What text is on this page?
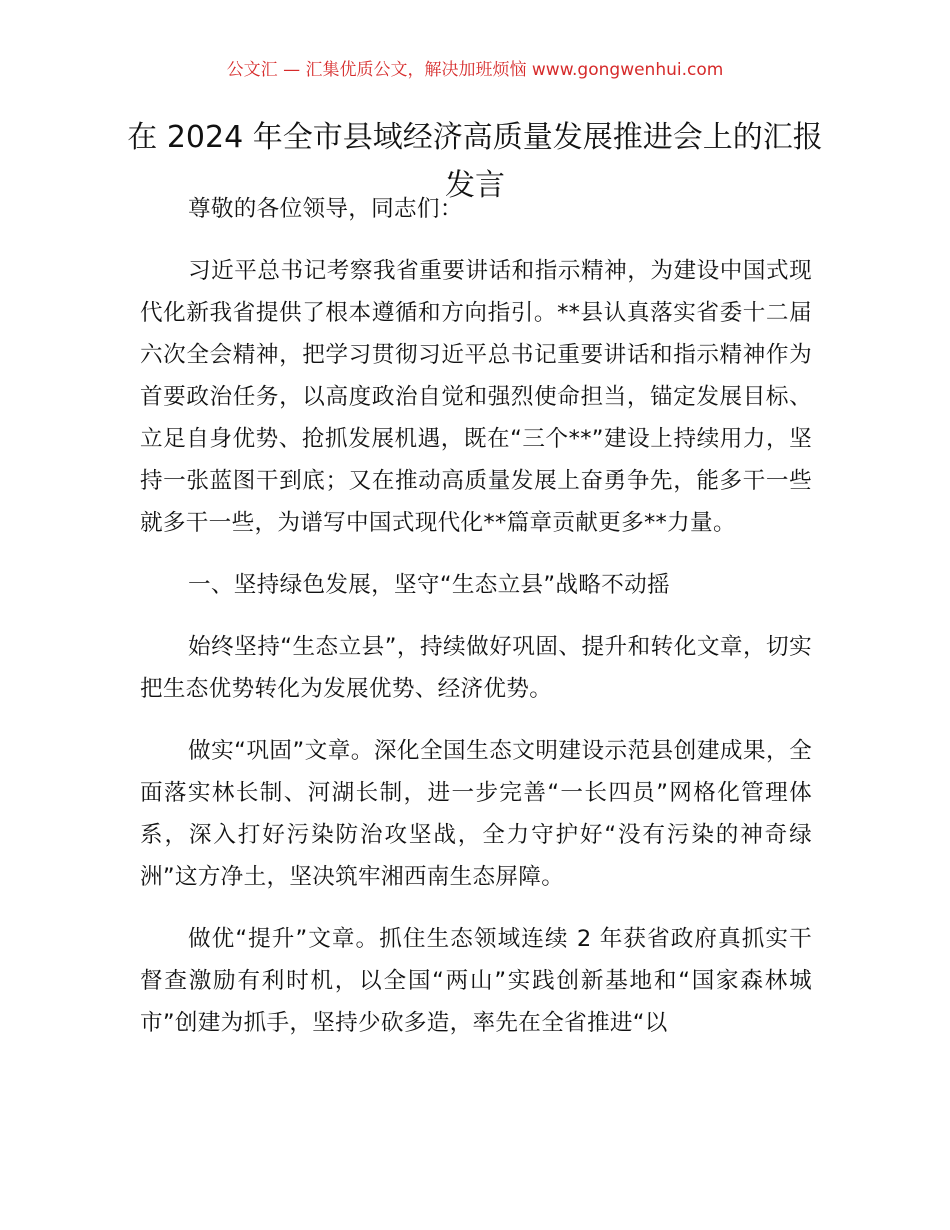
公文汇 — 汇集优质公文，解决加班烦恼 www.gongwenhui.com
在 2024 年全市县域经济高质量发展推进会上的汇报发言

尊敬的各位领导，同志们：

习近平总书记考察我省重要讲话和指示精神，为建设中国式现代化新我省提供了根本遵循和方向指引。**县认真落实省委十二届六次全会精神，把学习贯彻习近平总书记重要讲话和指示精神作为首要政治任务，以高度政治自觉和强烈使命担当，锚定发展目标、立足自身优势、抢抓发展机遇，既在“三个**”建设上持续用力，坚持一张蓝图干到底；又在推动高质量发展上奋勇争先，能多干一些就多干一些，为谱写中国式现代化**篇章贡献更多**力量。

一、坚持绿色发展，坚守“生态立县”战略不动摇

始终坚持“生态立县”，持续做好巩固、提升和转化文章，切实把生态优势转化为发展优势、经济优势。

做实“巩固”文章。深化全国生态文明建设示范县创建成果，全面落实林长制、河湖长制，进一步完善“一长四员”网格化管理体系，深入打好污染防治攻坚战，全力守护好“没有污染的神奇绿洲”这方净土，坚决筑牢湘西南生态屏障。

做优“提升”文章。抓住生态领域连续 2 年获省政府真抓实干督查激励有利时机，以全国“两山”实践创新基地和“国家森林城市”创建为抓手，坚持少砍多造，率先在全省推进“以
